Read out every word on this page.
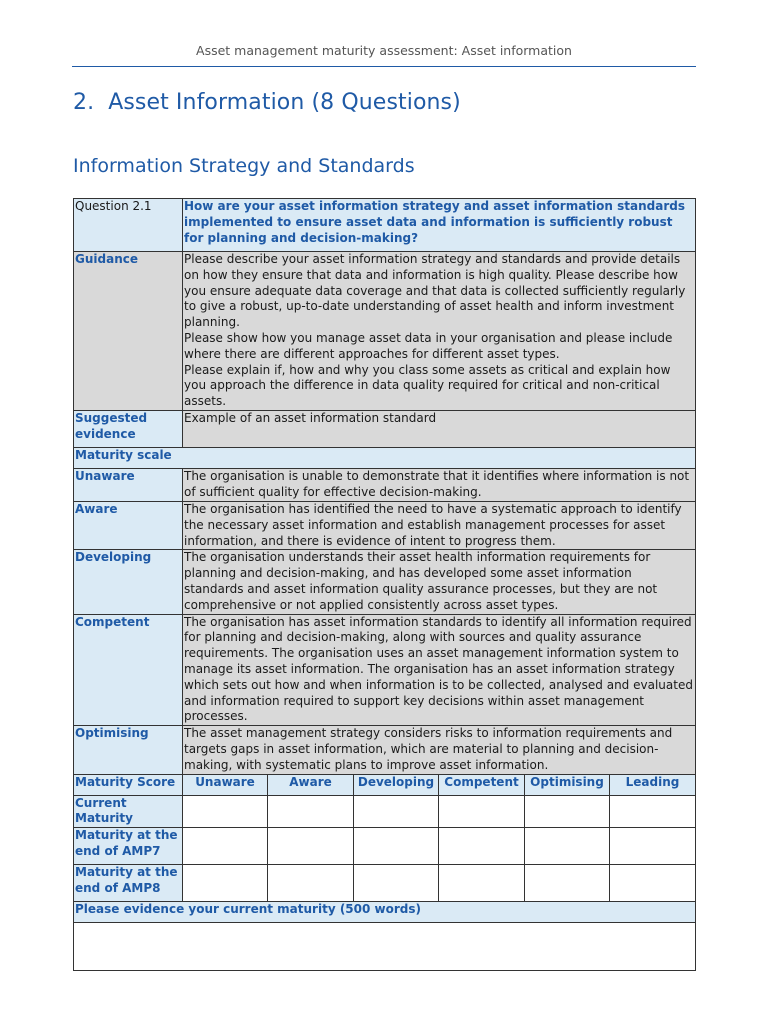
Asset management maturity assessment: Asset information
2. Asset Information (8 Questions)
Information Strategy and Standards
Question 2.1	How are your asset information strategy and asset information standards implemented to ensure asset data and information is sufficiently robust for planning and decision-making?					
Guidance	Please describe your asset information strategy and standards and provide details on how they ensure that data and information is high quality. Please describe how you ensure adequate data coverage and that data is collected sufficiently regularly to give a robust, up-to-date understanding of asset health and inform investment planning.
Please show how you manage asset data in your organisation and please include where there are different approaches for different asset types.
Please explain if, how and why you class some assets as critical and explain how you approach the difference in data quality required for critical and non-critical assets.					

Suggested evidence	Example of an asset information standard					
Maturity scale						
Unaware	The organisation is unable to demonstrate that it identifies where information is not of sufficient quality for effective decision-making.					
Aware	The organisation has identified the need to have a systematic approach to identify the necessary asset information and establish management processes for asset information, and there is evidence of intent to progress them.					
Developing	The organisation understands their asset health information requirements for planning and decision-making, and has developed some asset information standards and asset information quality assurance processes, but they are not comprehensive or not applied consistently across asset types.					
Competent	The organisation has asset information standards to identify all information required for planning and decision-making, along with sources and quality assurance requirements. The organisation uses an asset management information system to manage its asset information. The organisation has an asset information strategy which sets out how and when information is to be collected, analysed and evaluated and information required to support key decisions within asset management processes.					
Optimising	The asset management strategy considers risks to information requirements and targets gaps in asset information, which are material to planning and decision-making, with systematic plans to improve asset information.					
Maturity Score	Unaware	Aware	Developing	Competent	Optimising	Leading
Current Maturity						
Maturity at the end of AMP7						
Maturity at the end of AMP8						
Please evidence your current maturity (500 words)						
